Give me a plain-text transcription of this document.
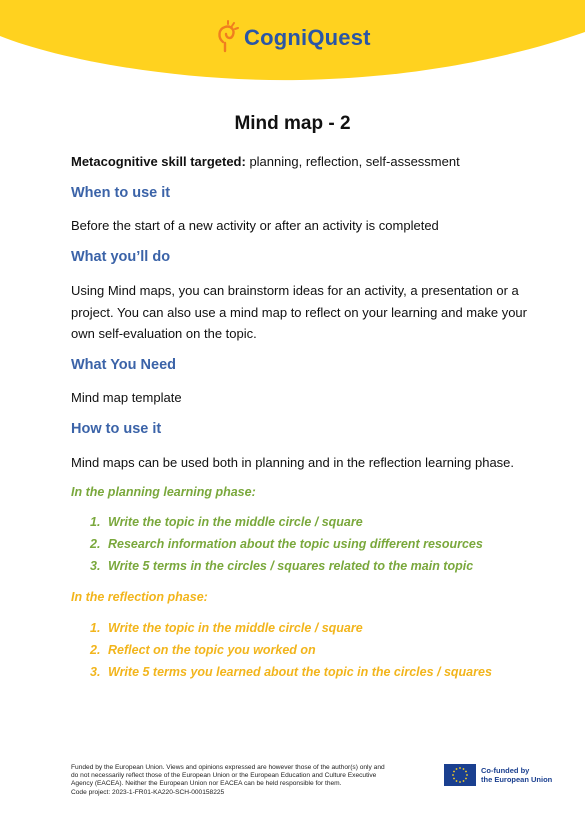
CogniQuest
Mind map - 2
Metacognitive skill targeted: planning, reflection, self-assessment
When to use it
Before the start of a new activity or after an activity is completed
What you’ll do
Using Mind maps, you can brainstorm ideas for an activity, a presentation or a project. You can also use a mind map to reflect on your learning and make your own self-evaluation on the topic.
What You Need
Mind map template
How to use it
Mind maps can be used both in planning and in the reflection learning phase.
In the planning learning phase:
1. Write the topic in the middle circle / square
2. Research information about the topic using different resources
3. Write 5 terms in the circles / squares related to the main topic
In the reflection phase:
1. Write the topic in the middle circle / square
2. Reflect on the topic you worked on
3. Write 5 terms you learned about the topic in the circles / squares
Funded by the European Union. Views and opinions expressed are however those of the author(s) only and
do not necessarily reflect those of the European Union or the European Education and Culture Executive
Agency (EACEA). Neither the European Union nor EACEA can be held responsible for them.
Code project: 2023-1-FR01-KA220-SCH-000158225
Co-funded by
the European Union
